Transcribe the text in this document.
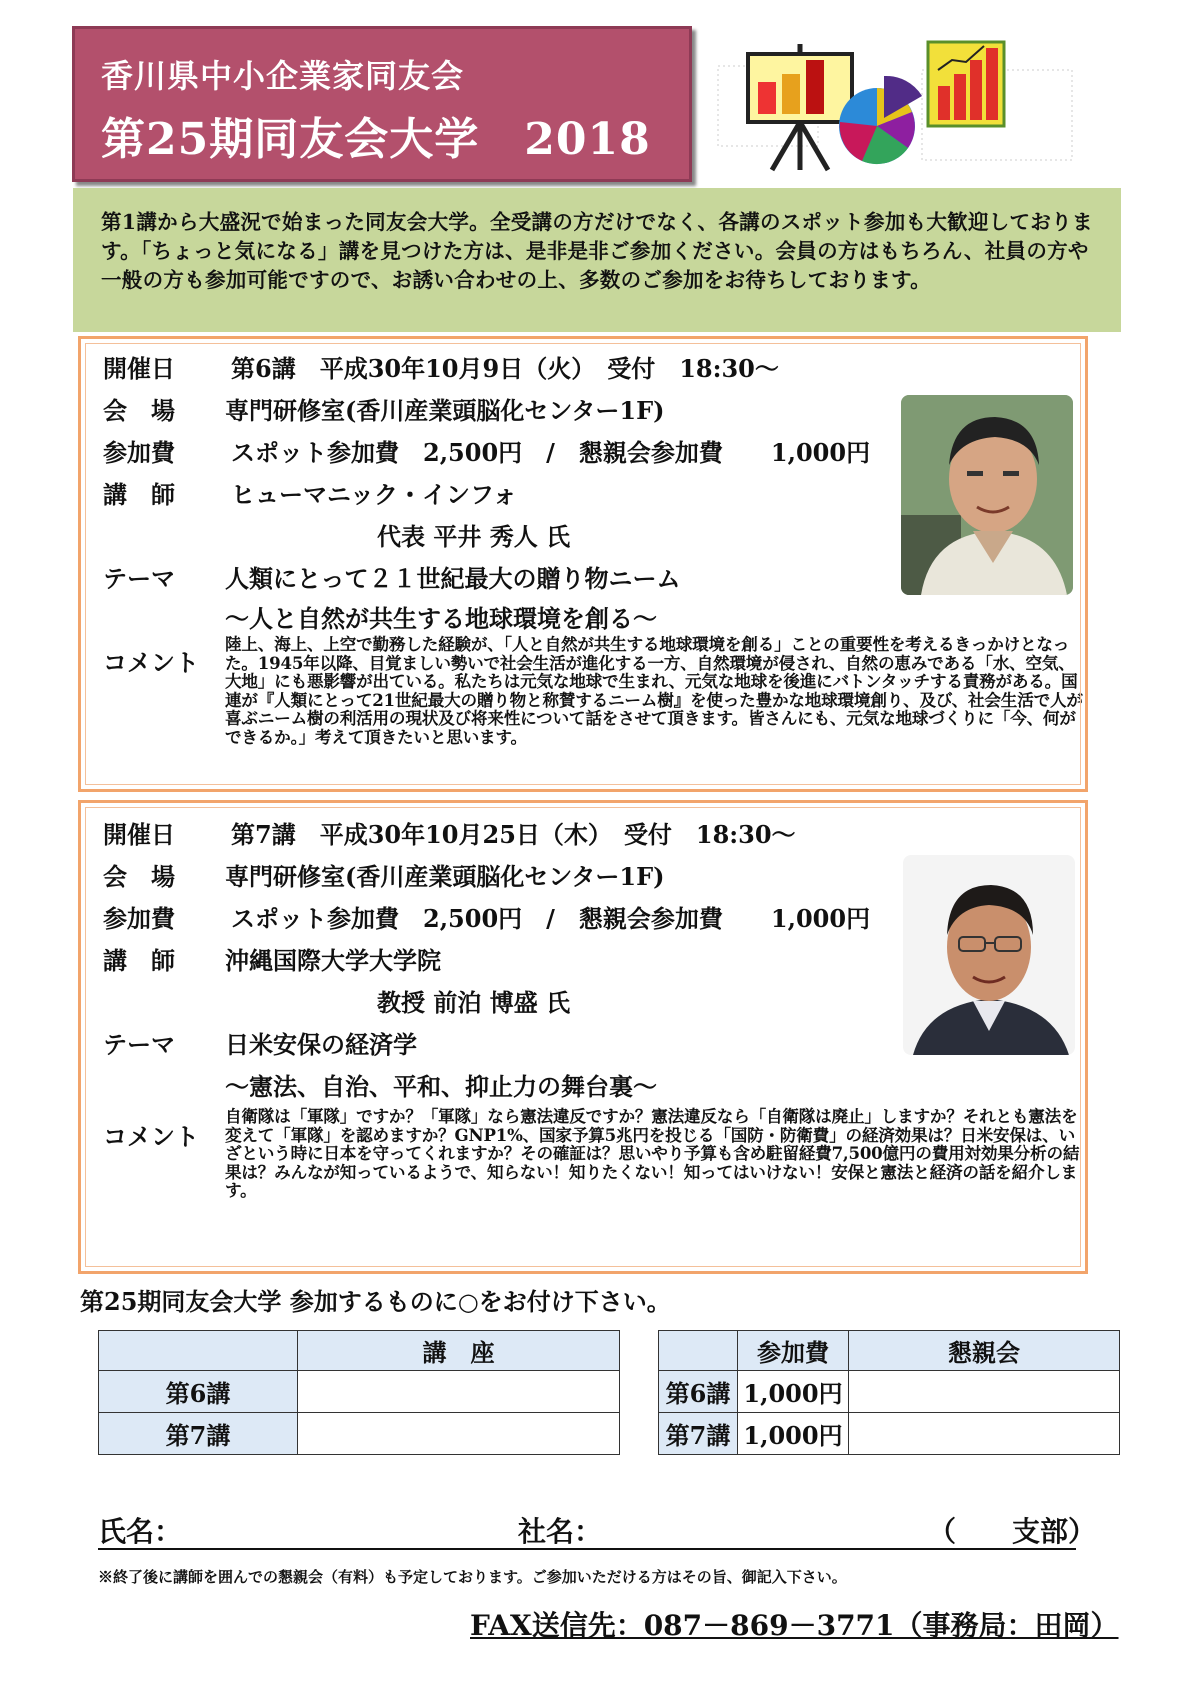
香川県中小企業家同友会
第25期同友会大学　2018
第1講から大盛況で始まった同友会大学。全受講の方だけでなく、各講のスポット参加も大歓迎しております。「ちょっと気になる」講を見つけた方は、是非是非ご参加ください。会員の方はもちろん、社員の方や一般の方も参加可能ですので、お誘い合わせの上、多数のご参加をお待ちしております。
開催日 第6講　平成30年10月9日（火）　受付　18:30～
会　場 専門研修室(香川産業頭脳化センター1F)
参加費 スポット参加費　2,500円　/　懇親会参加費　　1,000円
講　師 ヒューマニック・インフォ
代表 平井 秀人 氏
テーマ 人類にとって２１世紀最大の贈り物ニーム
～人と自然が共生する地球環境を創る～
コメント
陸上、海上、上空で勤務した経験が、「人と自然が共生する地球環境を創る」ことの重要性を考えるきっかけとなった。1945年以降、目覚ましい勢いで社会生活が進化する一方、自然環境が侵され、自然の恵みである「水、空気、大地」にも悪影響が出ている。私たちは元気な地球で生まれ、元気な地球を後進にバトンタッチする責務がある。国連が『人類にとって21世紀最大の贈り物と称賛するニーム樹』を使った豊かな地球環境創り、及び、社会生活で人が喜ぶニーム樹の利活用の現状及び将来性について話をさせて頂きます。皆さんにも、元気な地球づくりに「今、何ができるか。」考えて頂きたいと思います。
開催日 第7講　平成30年10月25日（木）　受付　18:30～
会　場 専門研修室(香川産業頭脳化センター1F)
参加費 スポット参加費　2,500円　/　懇親会参加費　　1,000円
講　師 沖縄国際大学大学院
教授 前泊 博盛 氏
テーマ 日米安保の経済学
～憲法、自治、平和、抑止力の舞台裏～
コメント
自衛隊は「軍隊」ですか？「軍隊」なら憲法違反ですか？憲法違反なら「自衛隊は廃止」しますか？それとも憲法を変えて「軍隊」を認めますか？GNP1%、国家予算5兆円を投じる「国防・防衛費」の経済効果は？日米安保は、いざという時に日本を守ってくれますか？その確証は？思いやり予算も含め駐留経費7,500億円の費用対効果分析の結果は？みんなが知っているようで、知らない！知りたくない！知ってはいけない！安保と憲法と経済の話を紹介します。
第25期同友会大学 参加するものに○をお付け下さい。
	講　座
第6講	
第7講	
	参加費	懇親会
第6講	1,000円	
第7講	1,000円	
氏名：	社名：	（　　支部）
※終了後に講師を囲んでの懇親会（有料）も予定しております。ご参加いただける方はその旨、御記入下さい。
FAX送信先：087－869－3771（事務局：田岡）
